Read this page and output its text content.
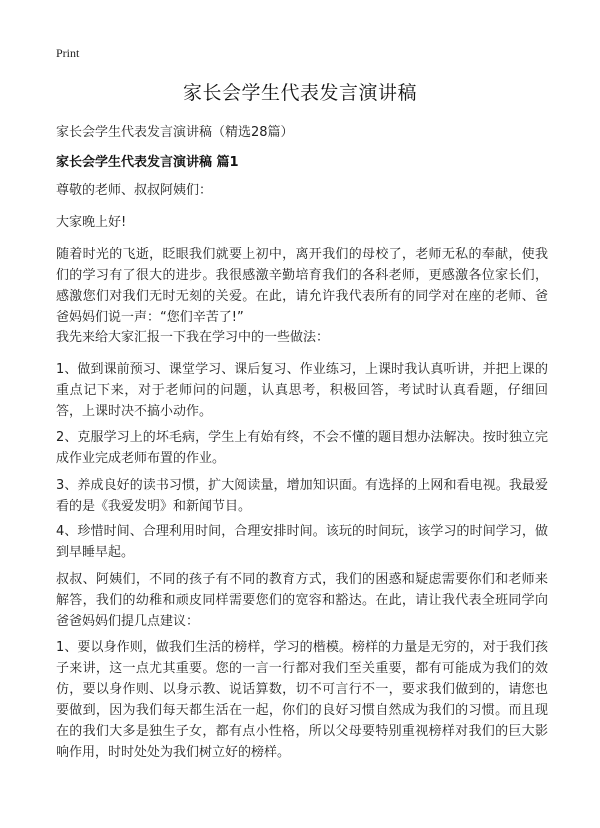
Print
家长会学生代表发言演讲稿
家长会学生代表发言演讲稿（精选28篇）
家长会学生代表发言演讲稿 篇1

尊敬的老师、叔叔阿姨们：

大家晚上好!

随着时光的飞逝，眨眼我们就要上初中，离开我们的母校了，老师无私的奉献，使我们的学习有了很大的进步。我很感激辛勤培育我们的各科老师，更感激各位家长们，感激您们对我们无时无刻的关爱。在此，请允许我代表所有的同学对在座的老师、爸爸妈妈们说一声：“您们辛苦了!”

我先来给大家汇报一下我在学习中的一些做法：

1、做到课前预习、课堂学习、课后复习、作业练习，上课时我认真听讲，并把上课的重点记下来，对于老师问的问题，认真思考，积极回答，考试时认真看题，仔细回答，上课时决不搞小动作。

2、克服学习上的坏毛病，学生上有始有终，不会不懂的题目想办法解决。按时独立完成作业完成老师布置的作业。

3、养成良好的读书习惯，扩大阅读量，增加知识面。有选择的上网和看电视。我最爱看的是《我爱发明》和新闻节目。

4、珍惜时间、合理利用时间，合理安排时间。该玩的时间玩，该学习的时间学习，做到早睡早起。

叔叔、阿姨们，不同的孩子有不同的教育方式，我们的困惑和疑虑需要你们和老师来解答，我们的幼稚和顽皮同样需要您们的宽容和豁达。在此，请让我代表全班同学向爸爸妈妈们提几点建议：

1、要以身作则，做我们生活的榜样，学习的楷模。榜样的力量是无穷的，对于我们孩子来讲，这一点尤其重要。您的一言一行都对我们至关重要，都有可能成为我们的效仿，要以身作则、以身示教、说话算数，切不可言行不一，要求我们做到的，请您也要做到，因为我们每天都生活在一起，你们的良好习惯自然成为我们的习惯。而且现在的我们大多是独生子女，都有点小性格，所以父母要特别重视榜样对我们的巨大影响作用，时时处处为我们树立好的榜样。
